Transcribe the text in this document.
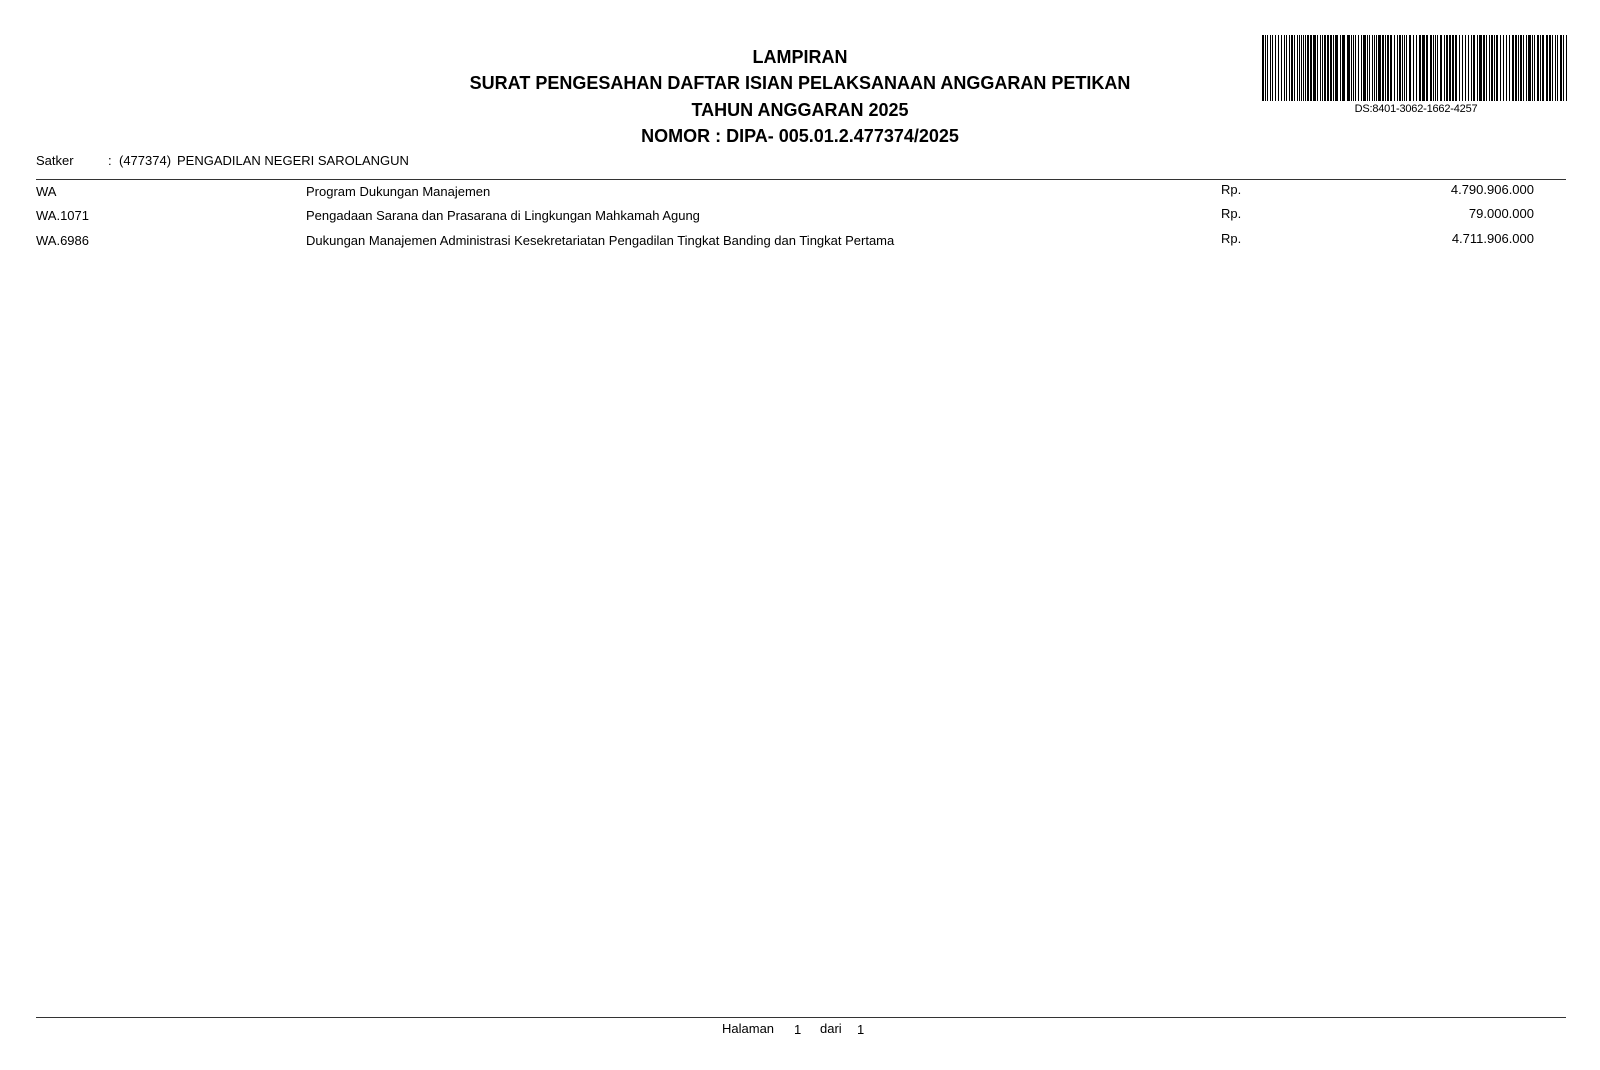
LAMPIRAN
SURAT PENGESAHAN DAFTAR ISIAN PELAKSANAAN ANGGARAN PETIKAN
TAHUN ANGGARAN 2025
NOMOR : DIPA- 005.01.2.477374/2025
DS:8401-3062-1662-4257
Satker	: (477374) PENGADILAN NEGERI SAROLANGUN
WA	Program Dukungan Manajemen	Rp.	4.790.906.000
WA.1071	Pengadaan Sarana dan Prasarana di Lingkungan Mahkamah Agung	Rp.	79.000.000
WA.6986	Dukungan Manajemen Administrasi Kesekretariatan Pengadilan Tingkat Banding dan Tingkat Pertama	Rp.	4.711.906.000
Halaman 1 dari 1
